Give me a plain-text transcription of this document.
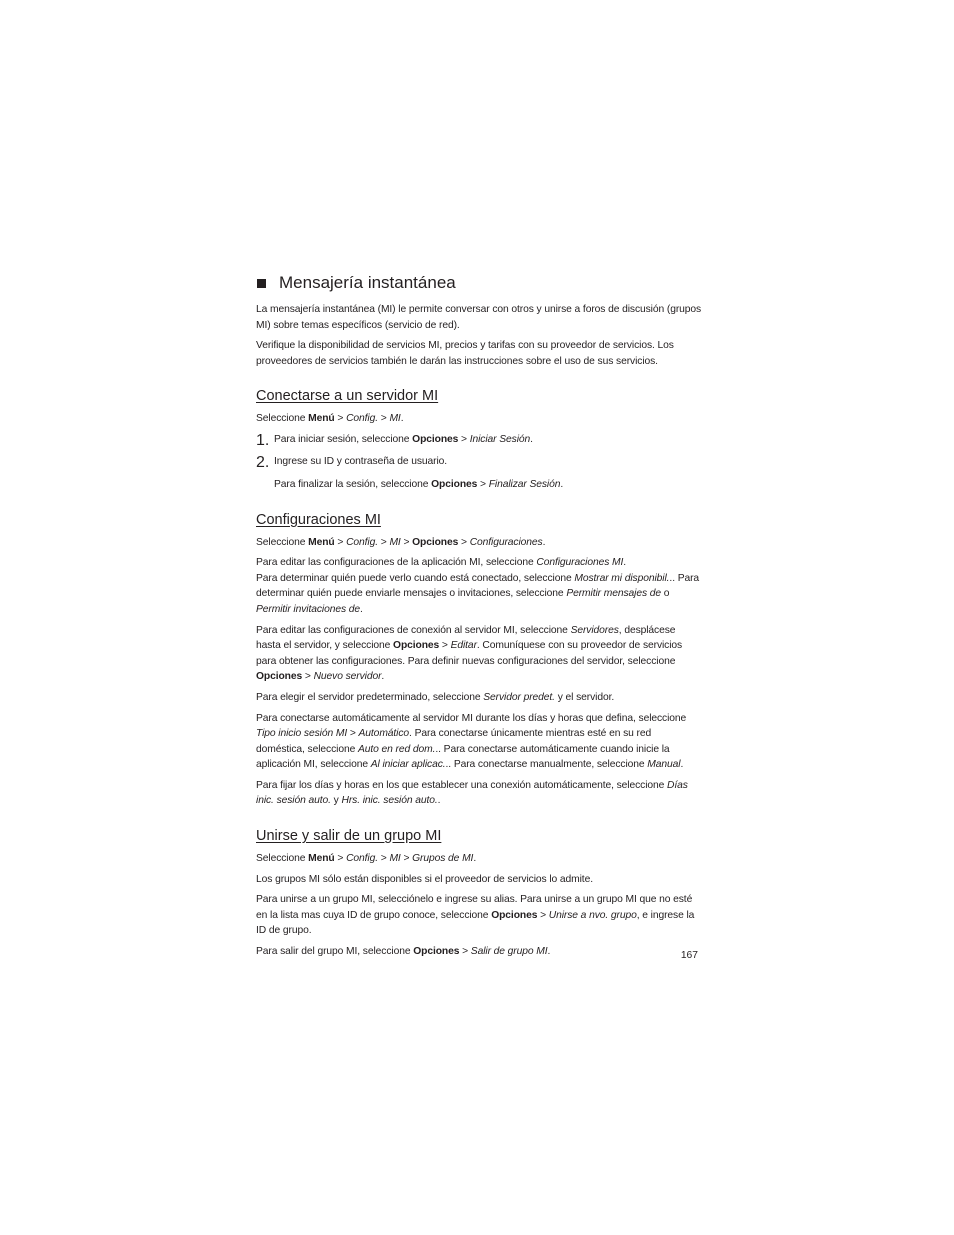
Mensajería instantánea

La mensajería instantánea (MI) le permite conversar con otros y unirse a foros de discusión (grupos MI) sobre temas específicos (servicio de red).

Verifique la disponibilidad de servicios MI, precios y tarifas con su proveedor de servicios. Los proveedores de servicios también le darán las instrucciones sobre el uso de sus servicios.

Conectarse a un servidor MI

Seleccione Menú > Config. > MI.

1. Para iniciar sesión, seleccione Opciones > Iniciar Sesión.

2. Ingrese su ID y contraseña de usuario.

Para finalizar la sesión, seleccione Opciones > Finalizar Sesión.

Configuraciones MI

Seleccione Menú > Config. > MI > Opciones > Configuraciones.

Para editar las configuraciones de la aplicación MI, seleccione Configuraciones MI.
Para determinar quién puede verlo cuando está conectado, seleccione Mostrar mi disponibil... Para determinar quién puede enviarle mensajes o invitaciones, seleccione Permitir mensajes de o Permitir invitaciones de.

Para editar las configuraciones de conexión al servidor MI, seleccione Servidores, desplácese hasta el servidor, y seleccione Opciones > Editar. Comuníquese con su proveedor de servicios para obtener las configuraciones. Para definir nuevas configuraciones del servidor, seleccione Opciones > Nuevo servidor.

Para elegir el servidor predeterminado, seleccione Servidor predet. y el servidor.

Para conectarse automáticamente al servidor MI durante los días y horas que defina, seleccione Tipo inicio sesión MI > Automático. Para conectarse únicamente mientras esté en su red doméstica, seleccione Auto en red dom... Para conectarse automáticamente cuando inicie la aplicación MI, seleccione Al iniciar aplicac... Para conectarse manualmente, seleccione Manual.

Para fijar los días y horas en los que establecer una conexión automáticamente, seleccione Días inic. sesión auto. y Hrs. inic. sesión auto..

Unirse y salir de un grupo MI

Seleccione Menú > Config. > MI > Grupos de MI.

Los grupos MI sólo están disponibles si el proveedor de servicios lo admite.

Para unirse a un grupo MI, selecciónelo e ingrese su alias. Para unirse a un grupo MI que no esté en la lista mas cuya ID de grupo conoce, seleccione Opciones > Unirse a nvo. grupo, e ingrese la ID de grupo.

Para salir del grupo MI, seleccione Opciones > Salir de grupo MI.	167
